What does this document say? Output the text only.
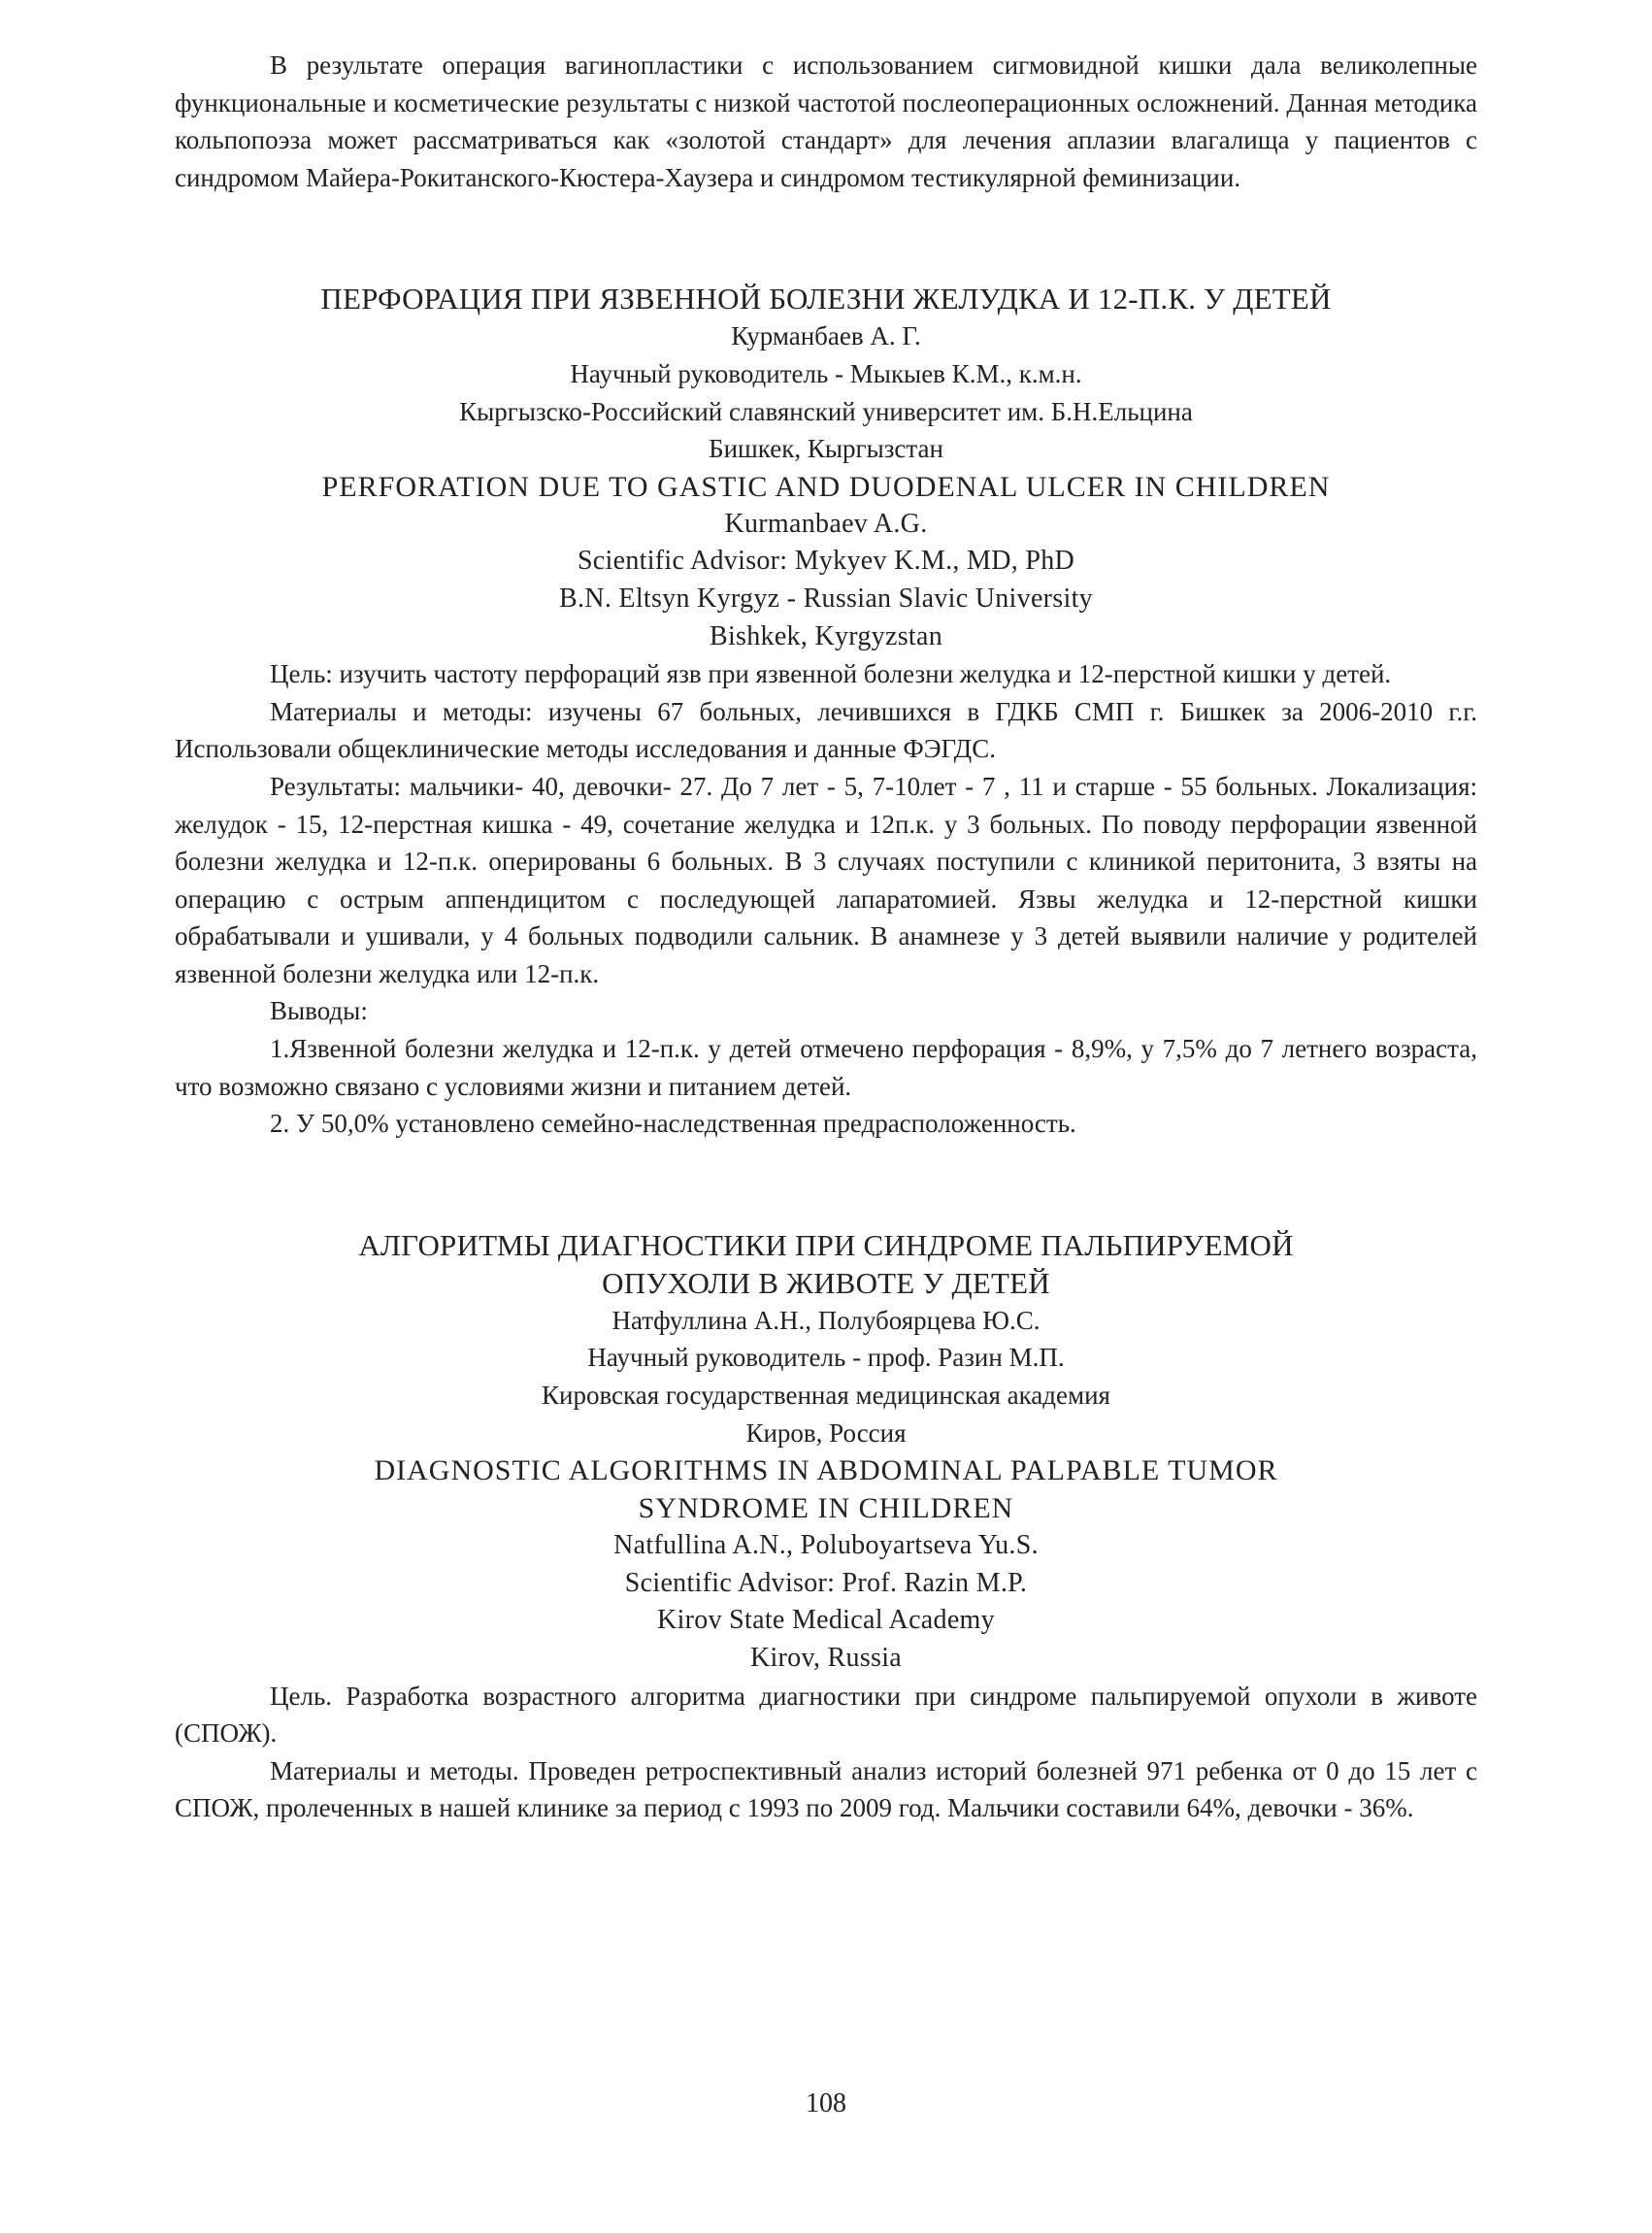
В результате операция вагинопластики с использованием сигмовидной кишки дала великолепные функциональные и косметические результаты с низкой частотой послеоперационных осложнений. Данная методика кольпопоэза может рассматриваться как «золотой стандарт» для лечения аплазии влагалища у пациентов с синдромом Майера-Рокитанского-Кюстера-Хаузера и синдромом тестикулярной феминизации.

ПЕРФОРАЦИЯ ПРИ ЯЗВЕННОЙ БОЛЕЗНИ ЖЕЛУДКА И 12-П.К. У ДЕТЕЙ

Курманбаев А. Г.

Научный руководитель - Мыкыев К.М., к.м.н.

Кыргызско-Российский славянский университет им. Б.Н.Ельцина

Бишкек, Кыргызстан

PERFORATION DUE TO GASTIC AND DUODENAL ULCER IN CHILDREN

Kurmanbaev A.G.

Scientific Advisor: Mykyev K.M., MD, PhD

B.N. Eltsyn Kyrgyz - Russian Slavic University

Bishkek, Kyrgyzstan

Цель: изучить частоту перфораций язв при язвенной болезни желудка и 12-перстной кишки у детей.

Материалы и методы: изучены 67 больных, лечившихся в ГДКБ СМП г. Бишкек за 2006-2010 г.г. Использовали общеклинические методы исследования и данные ФЭГДС.

Результаты: мальчики- 40, девочки- 27. До 7 лет - 5, 7-10лет - 7 , 11 и старше - 55 больных. Локализация: желудок - 15, 12-перстная кишка - 49, сочетание желудка и 12п.к. у 3 больных. По поводу перфорации язвенной болезни желудка и 12-п.к. оперированы 6 больных. В 3 случаях поступили с клиникой перитонита, 3 взяты на операцию с острым аппендицитом с последующей лапаратомией. Язвы желудка и 12-перстной кишки обрабатывали и ушивали, у 4 больных подводили сальник. В анамнезе у 3 детей выявили наличие у родителей язвенной болезни желудка или 12-п.к.

Выводы:

1.Язвенной болезни желудка и 12-п.к. у детей отмечено перфорация - 8,9%, у 7,5% до 7 летнего возраста, что возможно связано с условиями жизни и питанием детей.

2. У 50,0% установлено семейно-наследственная предрасположенность.

АЛГОРИТМЫ ДИАГНОСТИКИ ПРИ СИНДРОМЕ ПАЛЬПИРУЕМОЙ

ОПУХОЛИ В ЖИВОТЕ У ДЕТЕЙ

Натфуллина А.Н., Полубоярцева Ю.С.

Научный руководитель - проф. Разин М.П.

Кировская государственная медицинская академия

Киров, Россия

DIAGNOSTIC ALGORITHMS IN ABDOMINAL PALPABLE TUMOR

SYNDROME IN CHILDREN

Natfullina A.N., Poluboyartseva Yu.S.

Scientific Advisor: Prof. Razin M.P.

Kirov State Medical Academy

Kirov, Russia

Цель. Разработка возрастного алгоритма диагностики при синдроме пальпируемой опухоли в животе (СПОЖ).

Материалы и методы. Проведен ретроспективный анализ историй болезней 971 ребенка от 0 до 15 лет с СПОЖ, пролеченных в нашей клинике за период с 1993 по 2009 год. Мальчики составили 64%, девочки - 36%.

108
